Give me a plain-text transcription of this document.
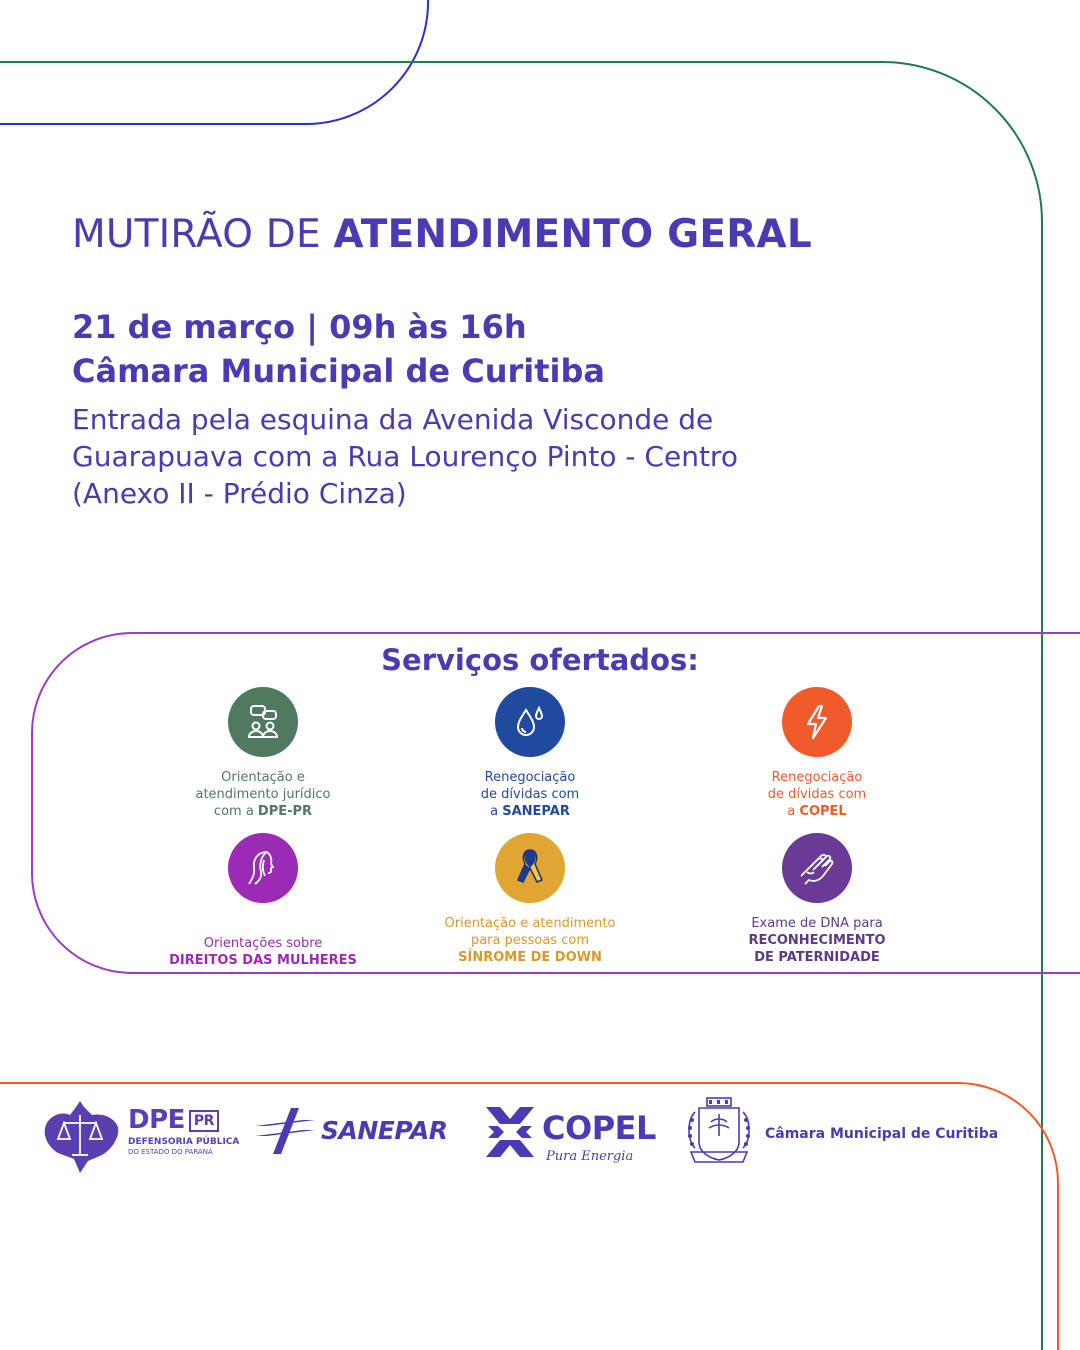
MUTIRÃO DE ATENDIMENTO GERAL
21 de março | 09h às 16h
Câmara Municipal de Curitiba
Entrada pela esquina da Avenida Visconde de
Guarapuava com a Rua Lourenço Pinto - Centro
(Anexo II - Prédio Cinza)
Serviços ofertados:
Orientação e
atendimento jurídico
com a DPE-PR
Renegociação
de dívidas com
a SANEPAR
Renegociação
de dívidas com
a COPEL
Orientações sobre
DIREITOS DAS MULHERES
Orientação e atendimento
para pessoas com
SÍNROME DE DOWN
Exame de DNA para
RECONHECIMENTO
DE PATERNIDADE
DPE PR
DEFENSORIA PÚBLICA
DO ESTADO DO PARANÁ
SANEPAR	COPEL
Pura Energia
Câmara Municipal de Curitiba
